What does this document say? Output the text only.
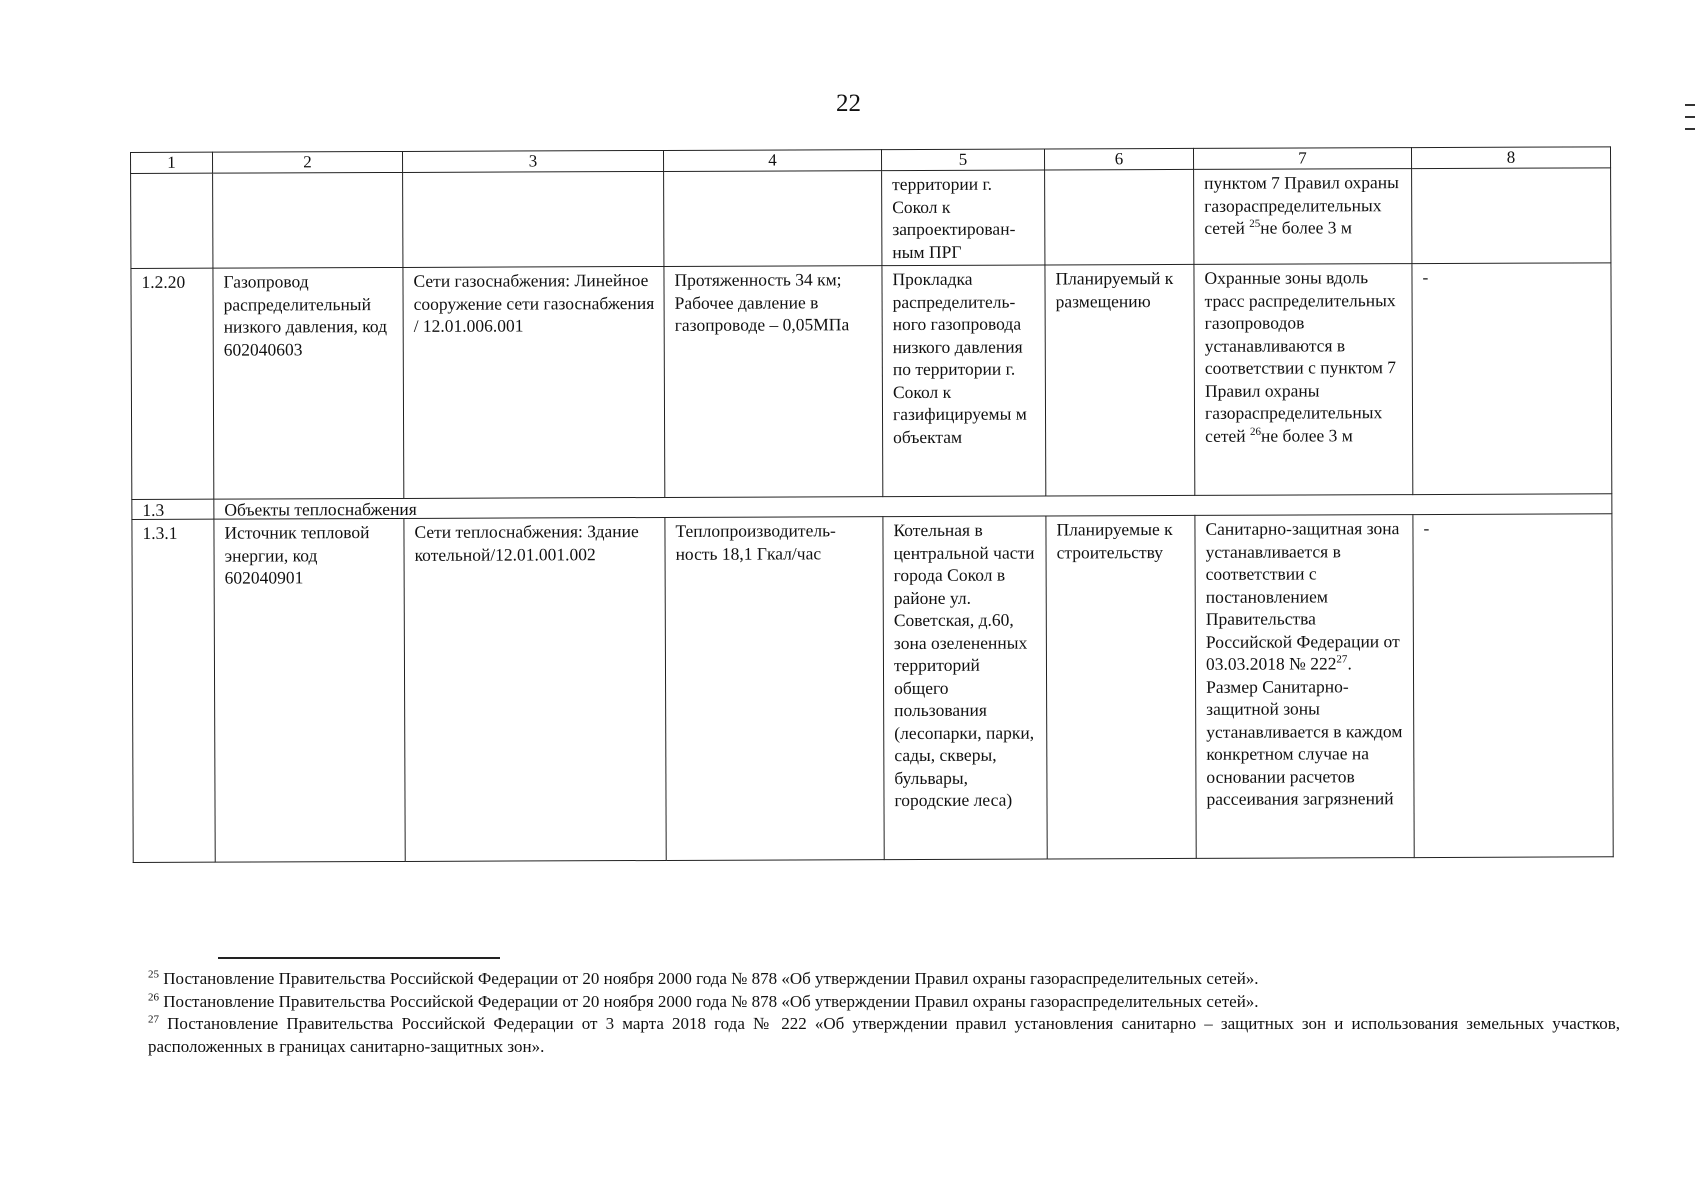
22
1	2	3	4	5	6	7	8
				территории г. Сокол к запроектирован-ным ПРГ		пунктом 7 Правил охраны газораспределительных сетей $^{25}$не более 3 м	
1.2.20	Газопровод распределительный низкого давления, код 602040603	Сети газоснабжения: Линейное сооружение сети газоснабжения / 12.01.006.001	Протяженность 34 км; Рабочее давление в газопроводе – 0,05МПа	Прокладка распределитель-ного газопровода низкого давления по территории г. Сокол к газифицируемы м объектам	Планируемый к размещению	Охранные зоны вдоль трасс распределительных газопроводов устанавливаются в соответствии с пунктом 7 Правил охраны газораспределительных сетей $^{26}$не более 3 м	-
1.3	Объекты теплоснабжения						
1.3.1	Источник тепловой энергии, код 602040901	Сети теплоснабжения: Здание котельной/12.01.001.002	Теплопроизводитель-ность 18,1 Гкал/час	Котельная в центральной части города Сокол в районе ул. Советская, д.60, зона озелененных территорий общего пользования (лесопарки, парки, сады, скверы, бульвары, городские леса)	Планируемые к строительству	Санитарно-защитная зона устанавливается в соответствии с постановлением Правительства Российской Федерации от 03.03.2018 № $222^{27}$. Размер Санитарно-защитной зоны устанавливается в каждом конкретном случае на основании расчетов рассеивания загрязнений	-
$^{25}$ Постановление Правительства Российской Федерации от 20 ноября 2000 года № 878 «Об утверждении Правил охраны газораспределительных сетей».
$^{26}$ Постановление Правительства Российской Федерации от 20 ноября 2000 года № 878 «Об утверждении Правил охраны газораспределительных сетей».
$^{27}$ Постановление Правительства Российской Федерации от 3 марта 2018 года № 222 «Об утверждении правил установления санитарно – защитных зон и использования земельных участков, расположенных в границах санитарно-защитных зон».
